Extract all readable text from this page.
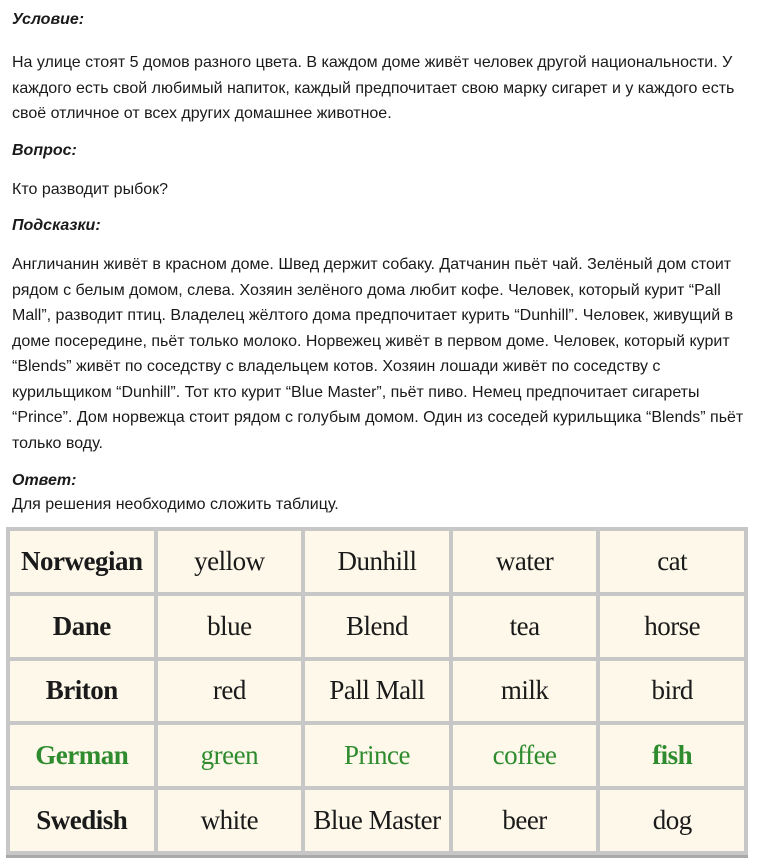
Условие:

На улице стоят 5 домов разного цвета. В каждом доме живёт человек другой национальности. У каждого есть свой любимый напиток, каждый предпочитает свою марку сигарет и у каждого есть своё отличное от всех других домашнее животное.

Вопрос:

Кто разводит рыбок?

Подсказки:

Англичанин живёт в красном доме. Швед держит собаку. Датчанин пьёт чай. Зелёный дом стоит рядом с белым домом, слева. Хозяин зелёного дома любит кофе. Человек, который курит “Pall Mall”, разводит птиц. Владелец жёлтого дома предпочитает курить “Dunhill”. Человек, живущий в доме посередине, пьёт только молоко. Норвежец живёт в первом доме. Человек, который курит “Blends” живёт по соседству с владельцем котов. Хозяин лошади живёт по соседству с курильщиком “Dunhill”. Тот кто курит “Blue Master”, пьёт пиво. Немец предпочитает сигареты “Prince”. Дом норвежца стоит рядом с голубым домом. Один из соседей курильщика “Blends” пьёт только воду.

Ответ:

Для решения необходимо сложить таблицу.

Norwegian	yellow	Dunhill	water	cat
Dane	blue	Blend	tea	horse
Briton	red	Pall Mall	milk	bird
German	green	Prince	coffee	fish
Swedish	white	Blue Master	beer	dog
